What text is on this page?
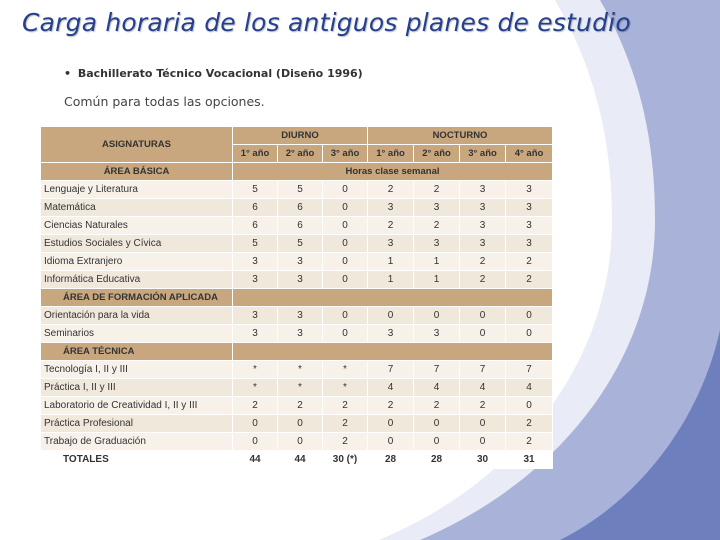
Carga horaria de los antiguos planes de estudio
• Bachillerato Técnico Vocacional (Diseño 1996)
Común para todas las opciones.
ASIGNATURAS	DIURNO			NOCTURNO			
	1° año	2° año	3° año	1° año	2° año	3° año	4° año
ÁREA BÁSICA	Horas clase semanal						
Lenguaje y Literatura	5	5	0	2	2	3	3
Matemática	6	6	0	3	3	3	3
Ciencias Naturales	6	6	0	2	2	3	3
Estudios Sociales y Cívica	5	5	0	3	3	3	3
Idioma Extranjero	3	3	0	1	1	2	2
Informática Educativa	3	3	0	1	1	2	2
ÁREA DE FORMACIÓN APLICADA							
Orientación para la vida	3	3	0	0	0	0	0
Seminarios	3	3	0	3	3	0	0
ÁREA TÉCNICA							
Tecnología I, II y III	*	*	*	7	7	7	7
Práctica I, II y III	*	*	*	4	4	4	4
Laboratorio de Creatividad I, II y III	2	2	2	2	2	2	0
Práctica Profesional	0	0	2	0	0	0	2
Trabajo de Graduación	0	0	2	0	0	0	2
TOTALES	44	44	30 (*)	28	28	30	31
